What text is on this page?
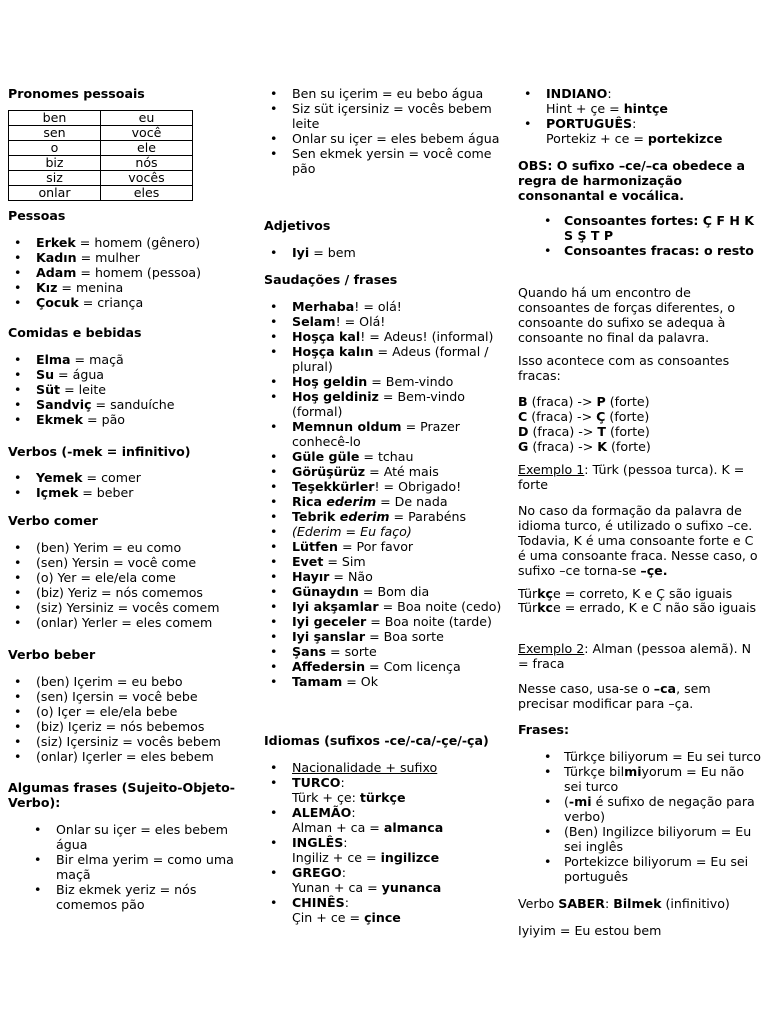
Pronomes pessoais
ben	eu
sen	você
o	ele
biz	nós
siz	vocês
onlar	eles
Pessoas
• Erkek = homem (gênero)
• Kadın = mulher
• Adam = homem (pessoa)
• Kız = menina
• Çocuk = criança
Comidas e bebidas
• Elma = maçã
• Su = água
• Süt = leite
• Sandviç = sanduíche
• Ekmek = pão
Verbos (-mek = infinitivo)
• Yemek = comer
• Içmek = beber
Verbo comer
• (ben) Yerim = eu como
• (sen) Yersin = você come
• (o) Yer = ele/ela come
• (biz) Yeriz = nós comemos
• (siz) Yersiniz = vocês comem
• (onlar) Yerler = eles comem
Verbo beber
• (ben) Içerim = eu bebo
• (sen) Içersin = você bebe
• (o) Içer = ele/ela bebe
• (biz) Içeriz = nós bebemos
• (siz) Içersiniz = vocês bebem
• (onlar) Içerler = eles bebem
Algumas frases (Sujeito-Objeto-Verbo):
• Onlar su içer = eles bebem água
• Bir elma yerim = como uma maçã
• Biz ekmek yeriz = nós comemos pão
• Ben su içerim = eu bebo água
• Siz süt içersiniz = vocês bebem leite
• Onlar su içer = eles bebem água
• Sen ekmek yersin = você come pão
Adjetivos
• Iyi = bem
Saudações / frases
• Merhaba! = olá!
• Selam! = Olá!
• Hoşça kal! = Adeus! (informal)
• Hoşça kalın = Adeus (formal / plural)
• Hoş geldin = Bem-vindo
• Hoş geldiniz = Bem-vindo (formal)
• Memnun oldum = Prazer conhecê-lo
• Güle güle = tchau
• Görüşürüz = Até mais
• Teşekkürler! = Obrigado!
• Rica ederim = De nada
• Tebrik ederim = Parabéns
• (Ederim = Eu faço)
• Lütfen = Por favor
• Evet = Sim
• Hayır = Não
• Günaydın = Bom dia
• Iyi akşamlar = Boa noite (cedo)
• Iyi geceler = Boa noite (tarde)
• Iyi şanslar = Boa sorte
• Şans = sorte
• Affedersin = Com licença
• Tamam = Ok
Idiomas (sufixos -ce/-ca/-çe/-ça)
• Nacionalidade + sufixo
• TURCO:
Türk + çe: türkçe
• ALEMÃO:
Alman + ca = almanca
• INGLÊS:
Ingiliz + ce = ingilizce
• GREGO:
Yunan + ca = yunanca
• CHINÊS:
Çin + ce = çince
• INDIANO:
Hint + çe = hintçe
• PORTUGUÊS:
Portekiz + ce = portekizce

OBS: O sufixo –ce/–ca obedece a regra de harmonização consonantal e vocálica.

• Consoantes fortes: Ç F H K S Ş T P
• Consoantes fracas: o resto

Quando há um encontro de consoantes de forças diferentes, o consoante do sufixo se adequa à consoante no final da palavra.

Isso acontece com as consoantes fracas:

B (fraca) -> P (forte)
C (fraca) -> Ç (forte)
D (fraca) -> T (forte)
G (fraca) -> K (forte)

Exemplo 1: Türk (pessoa turca). K = forte

No caso da formação da palavra de idioma turco, é utilizado o sufixo –ce. Todavia, K é uma consoante forte e C é uma consoante fraca. Nesse caso, o sufixo –ce torna-se –çe.

Türkçe = correto, K e Ç são iguais

Türkce = errado, K e C não são iguais

Exemplo 2: Alman (pessoa alemã). N = fraca

Nesse caso, usa-se o –ca, sem precisar modificar para –ça.

Frases:
• Türkçe biliyorum = Eu sei turco
• Türkçe bilmiyorum = Eu não sei turco
• (-mi é sufixo de negação para verbo)
• (Ben) Ingilizce biliyorum = Eu sei inglês
• Portekizce biliyorum = Eu sei português

Verbo SABER: Bilmek (infinitivo)

Iyiyim = Eu estou bem
